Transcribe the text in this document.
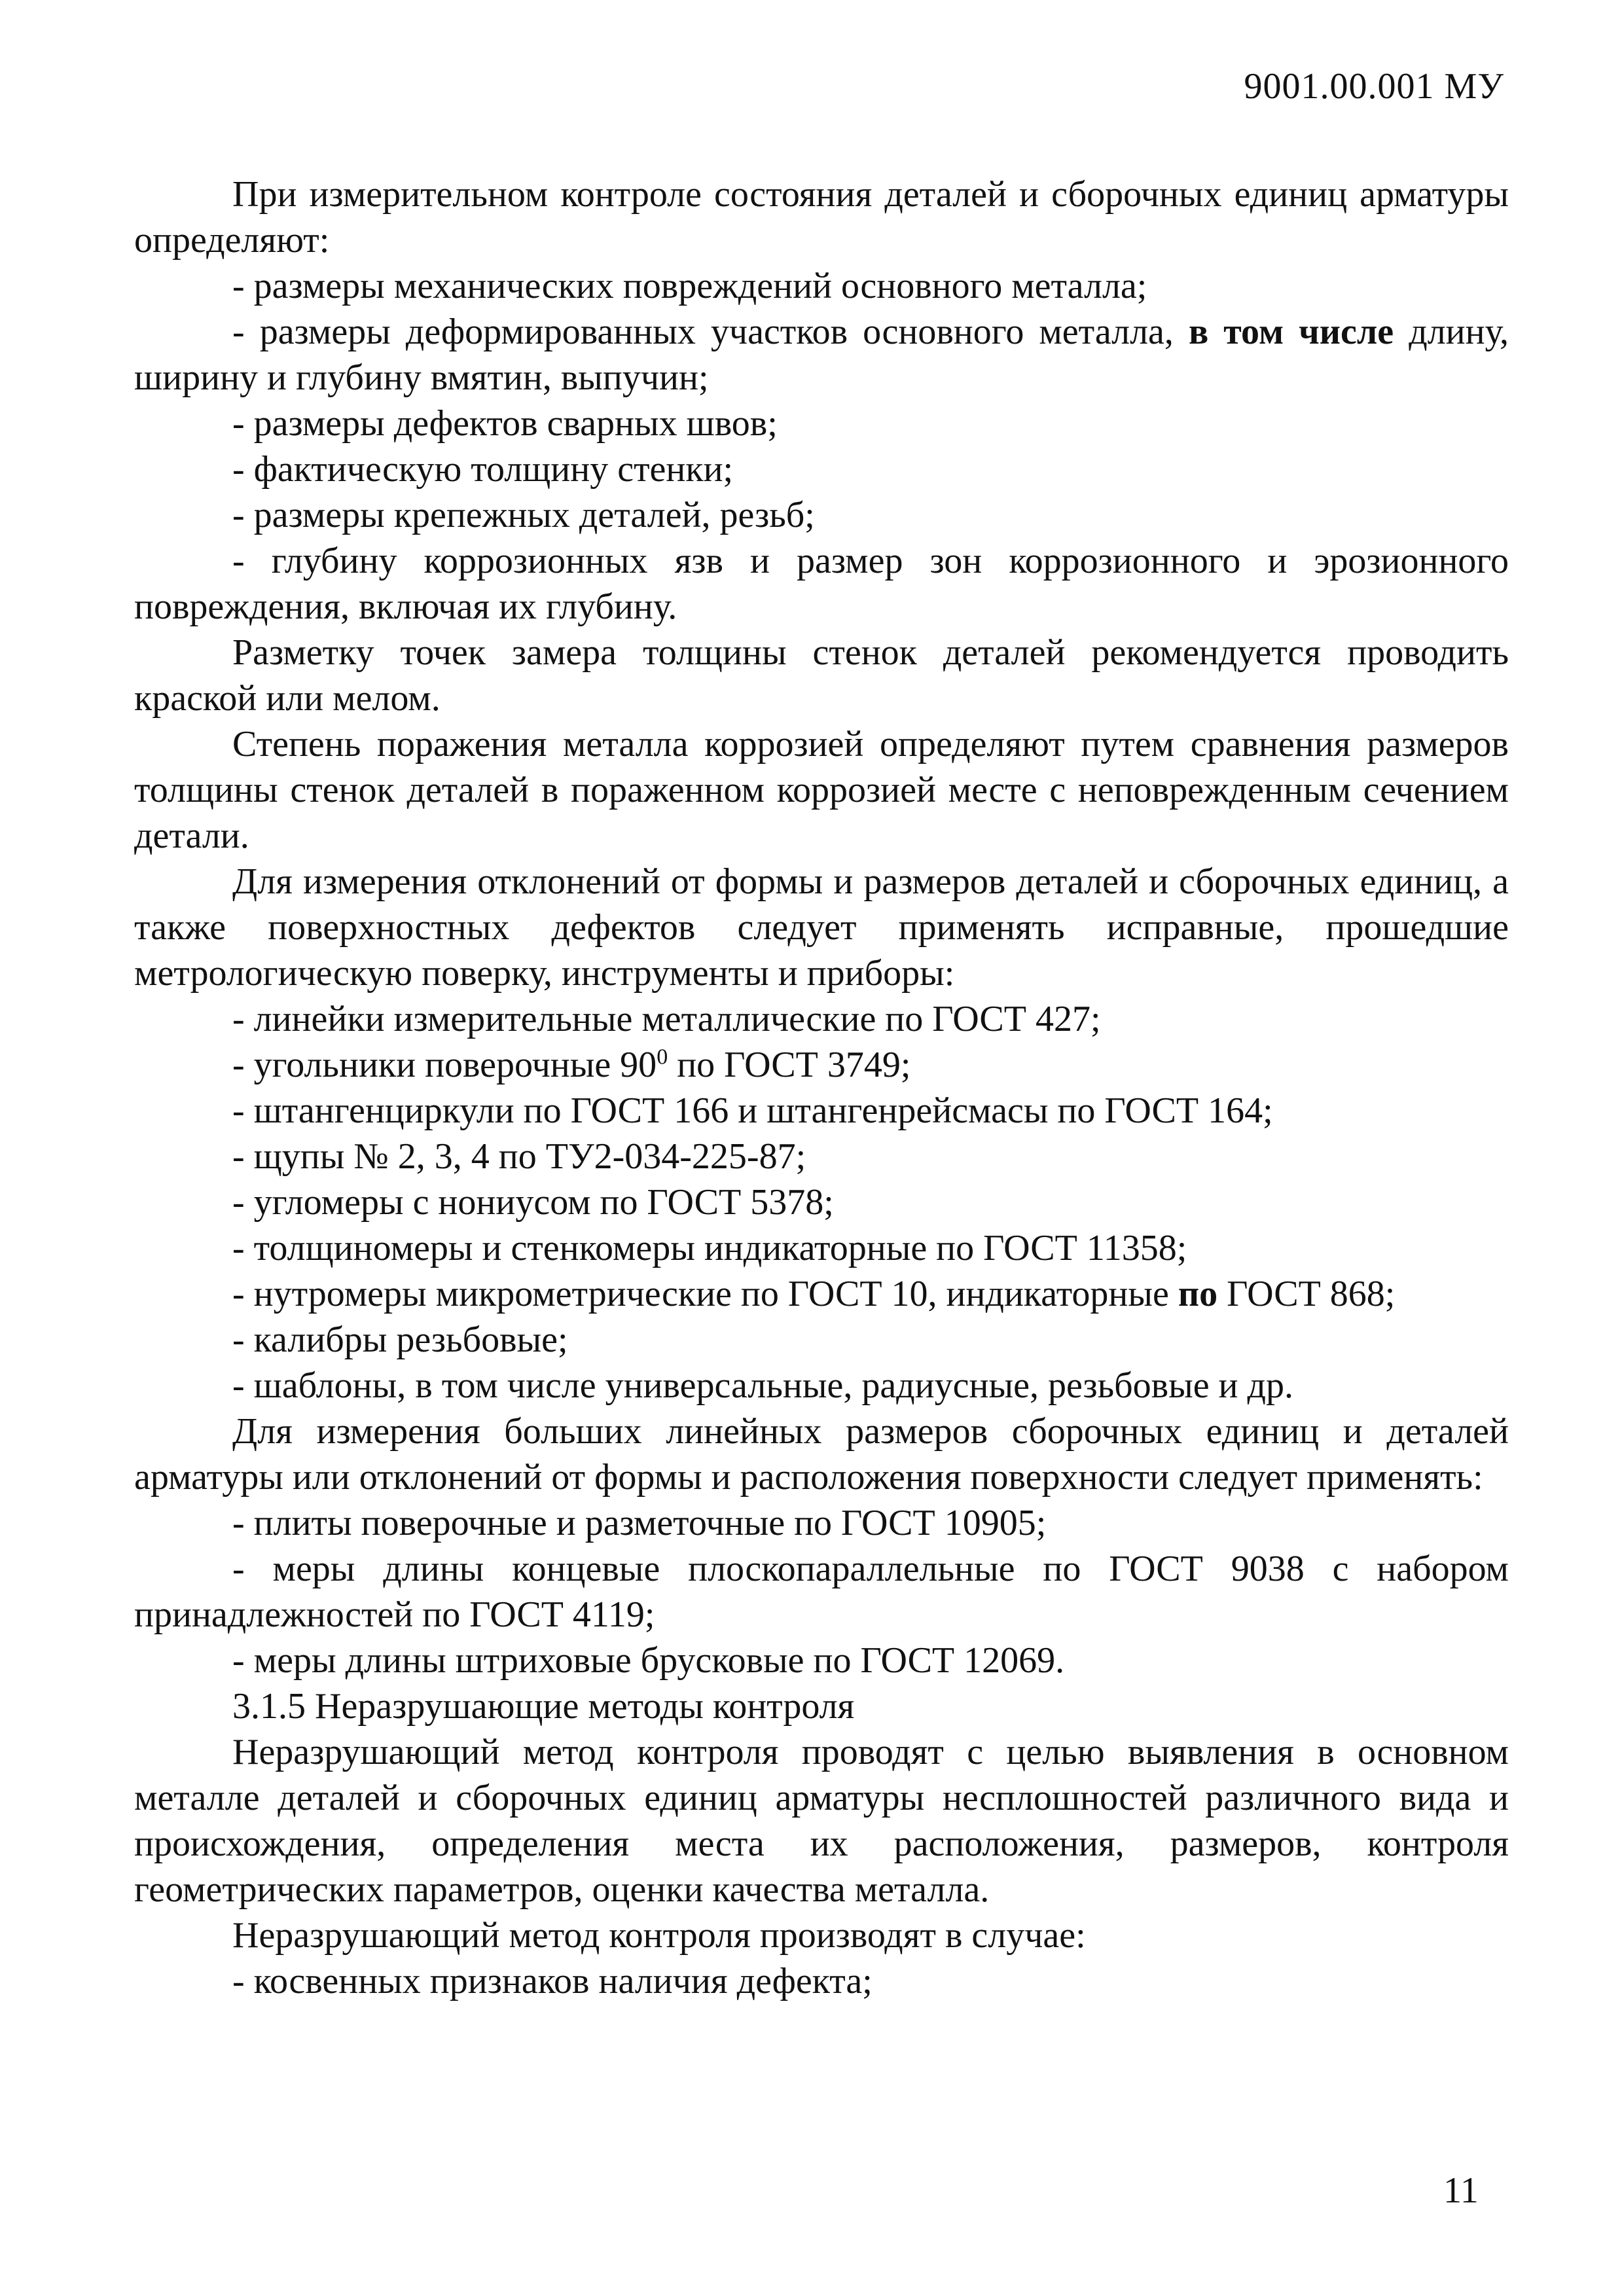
9001.00.001 МУ

При измерительном контроле состояния деталей и сборочных единиц арматуры определяют:

- размеры механических повреждений основного металла;

- размеры деформированных участков основного металла, в том числе длину, ширину и глубину вмятин, выпучин;

- размеры дефектов сварных швов;

- фактическую толщину стенки;

- размеры крепежных деталей, резьб;

- глубину коррозионных язв и размер зон коррозионного и эрозионного повреждения, включая их глубину.

Разметку точек замера толщины стенок деталей рекомендуется проводить краской или мелом.

Степень поражения металла коррозией определяют путем сравнения размеров толщины стенок деталей в пораженном коррозией месте с неповрежденным сечением детали.

Для измерения отклонений от формы и размеров деталей и сборочных единиц, а также поверхностных дефектов следует применять исправные, прошедшие метрологическую поверку, инструменты и приборы:

- линейки измерительные металлические по ГОСТ 427;

- угольники поверочные $90^0$ по ГОСТ 3749;

- штангенциркули по ГОСТ 166 и штангенрейсмасы по ГОСТ 164;

- щупы № 2, 3, 4 по ТУ2-034-225-87;

- угломеры с нониусом по ГОСТ 5378;

- толщиномеры и стенкомеры индикаторные по ГОСТ 11358;

- нутромеры микрометрические по ГОСТ 10, индикаторные по ГОСТ 868;

- калибры резьбовые;

- шаблоны, в том числе универсальные, радиусные, резьбовые и др.

Для измерения больших линейных размеров сборочных единиц и деталей арматуры или отклонений от формы и расположения поверхности следует применять:

- плиты поверочные и разметочные по ГОСТ 10905;

- меры длины концевые плоскопараллельные по ГОСТ 9038 с набором принадлежностей по ГОСТ 4119;

- меры длины штриховые брусковые по ГОСТ 12069.

3.1.5 Неразрушающие методы контроля

Неразрушающий метод контроля проводят с целью выявления в основном металле деталей и сборочных единиц арматуры несплошностей различного вида и происхождения, определения места их расположения, размеров, контроля геометрических параметров, оценки качества металла.

Неразрушающий метод контроля производят в случае:

- косвенных признаков наличия дефекта;

11
